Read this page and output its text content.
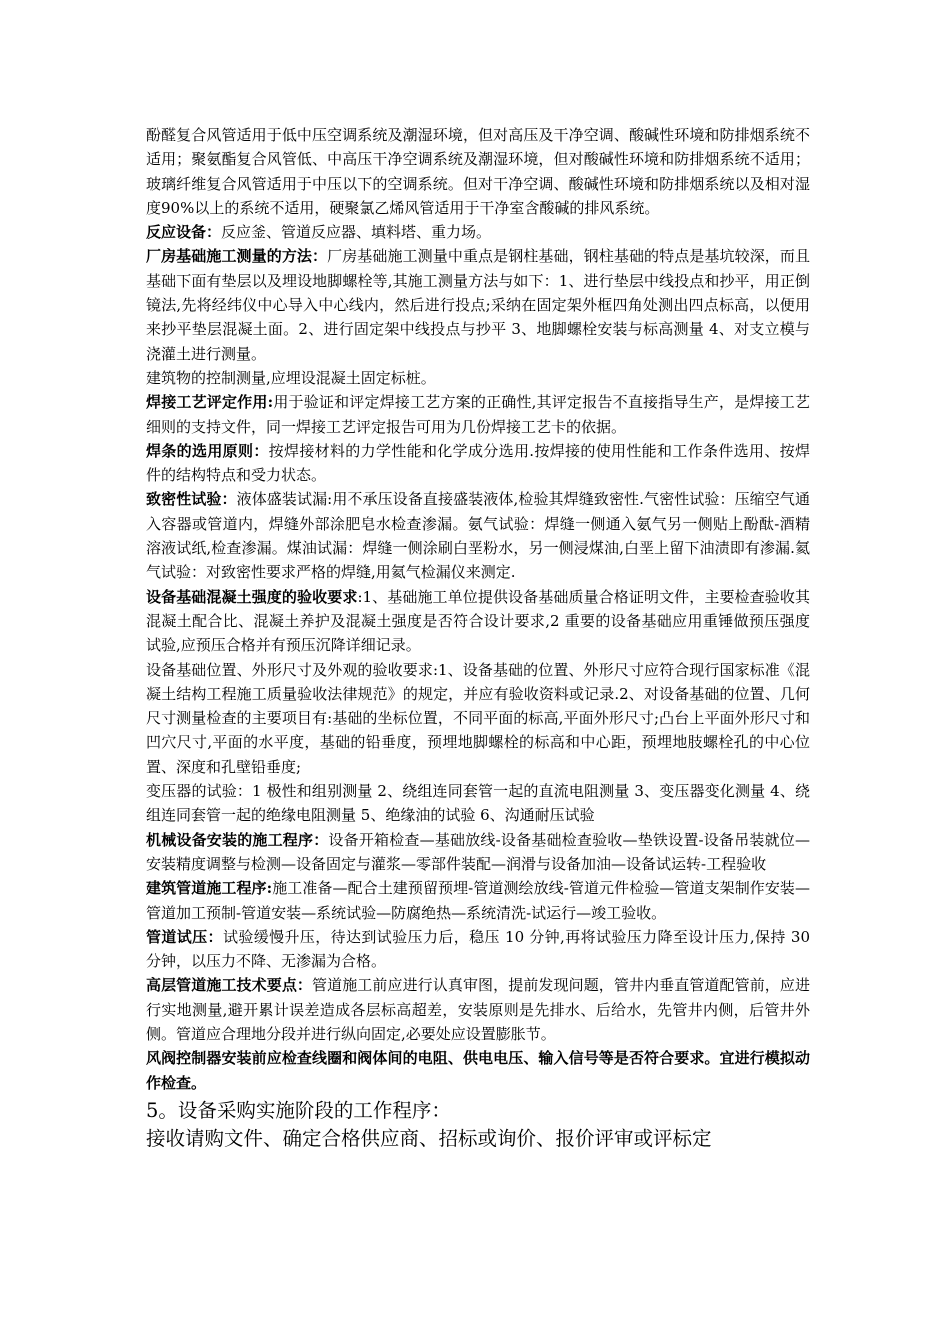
酚醛复合风管适用于低中压空调系统及潮湿环境，但对高压及干净空调、酸碱性环境和防排烟系统不适用；聚氨酯复合风管低、中高压干净空调系统及潮湿环境，但对酸碱性环境和防排烟系统不适用；玻璃纤维复合风管适用于中压以下的空调系统。但对干净空调、酸碱性环境和防排烟系统以及相对湿度90%以上的系统不适用，硬聚氯乙烯风管适用于干净室含酸碱的排风系统。
反应设备：反应釜、管道反应器、填料塔、重力场。
厂房基础施工测量的方法：厂房基础施工测量中重点是钢柱基础，钢柱基础的特点是基坑较深，而且基础下面有垫层以及埋设地脚螺栓等,其施工测量方法与如下：1、进行垫层中线投点和抄平，用正倒镜法,先将经纬仪中心导入中心线内，然后进行投点;采纳在固定架外框四角处测出四点标高，以便用来抄平垫层混凝土面。2、进行固定架中线投点与抄平 3、地脚螺栓安装与标高测量 4、对支立模与浇灌土进行测量。
建筑物的控制测量,应埋设混凝土固定标桩。
焊接工艺评定作用:用于验证和评定焊接工艺方案的正确性,其评定报告不直接指导生产，是焊接工艺细则的支持文件，同一焊接工艺评定报告可用为几份焊接工艺卡的依据。
焊条的选用原则：按焊接材料的力学性能和化学成分选用.按焊接的使用性能和工作条件选用、按焊件的结构特点和受力状态。
致密性试验：液体盛装试漏:用不承压设备直接盛装液体,检验其焊缝致密性.气密性试验：压缩空气通入容器或管道内，焊缝外部涂肥皂水检查渗漏。氨气试验：焊缝一侧通入氨气另一侧贴上酚酞-酒精溶液试纸,检查渗漏。煤油试漏：焊缝一侧涂刷白垩粉水，另一侧浸煤油,白垩上留下油渍即有渗漏.氦气试验：对致密性要求严格的焊缝,用氦气检漏仪来测定.
设备基础混凝土强度的验收要求:1、基础施工单位提供设备基础质量合格证明文件，主要检查验收其混凝土配合比、混凝土养护及混凝土强度是否符合设计要求,2 重要的设备基础应用重锤做预压强度试验,应预压合格并有预压沉降详细记录。
设备基础位置、外形尺寸及外观的验收要求:1、设备基础的位置、外形尺寸应符合现行国家标准《混凝土结构工程施工质量验收法律规范》的规定，并应有验收资料或记录.2、对设备基础的位置、几何尺寸测量检查的主要项目有:基础的坐标位置，不同平面的标高,平面外形尺寸;凸台上平面外形尺寸和凹穴尺寸,平面的水平度，基础的铅垂度，预埋地脚螺栓的标高和中心距，预埋地肢螺栓孔的中心位置、深度和孔壁铅垂度;
变压器的试验：1 极性和组别测量 2、绕组连同套管一起的直流电阻测量 3、变压器变化测量 4、绕组连同套管一起的绝缘电阻测量 5、绝缘油的试验 6、沟通耐压试验
机械设备安装的施工程序：设备开箱检查—基础放线-设备基础检查验收—垫铁设置-设备吊装就位—安装精度调整与检测—设备固定与灌浆—零部件装配—润滑与设备加油—设备试运转-工程验收
建筑管道施工程序:施工准备—配合土建预留预埋-管道测绘放线-管道元件检验—管道支架制作安装—管道加工预制-管道安装—系统试验—防腐绝热—系统清洗-试运行—竣工验收。
管道试压：试验缓慢升压，待达到试验压力后，稳压 10 分钟,再将试验压力降至设计压力,保持 30 分钟，以压力不降、无渗漏为合格。
高层管道施工技术要点：管道施工前应进行认真审图，提前发现问题，管井内垂直管道配管前，应进行实地测量,避开累计误差造成各层标高超差，安装原则是先排水、后给水，先管井内侧，后管井外侧。管道应合理地分段并进行纵向固定,必要处应设置膨胀节。
风阀控制器安装前应检查线圈和阀体间的电阻、供电电压、输入信号等是否符合要求。宜进行模拟动作检查。
5。设备采购实施阶段的工作程序：
接收请购文件、确定合格供应商、招标或询价、报价评审或评标定
